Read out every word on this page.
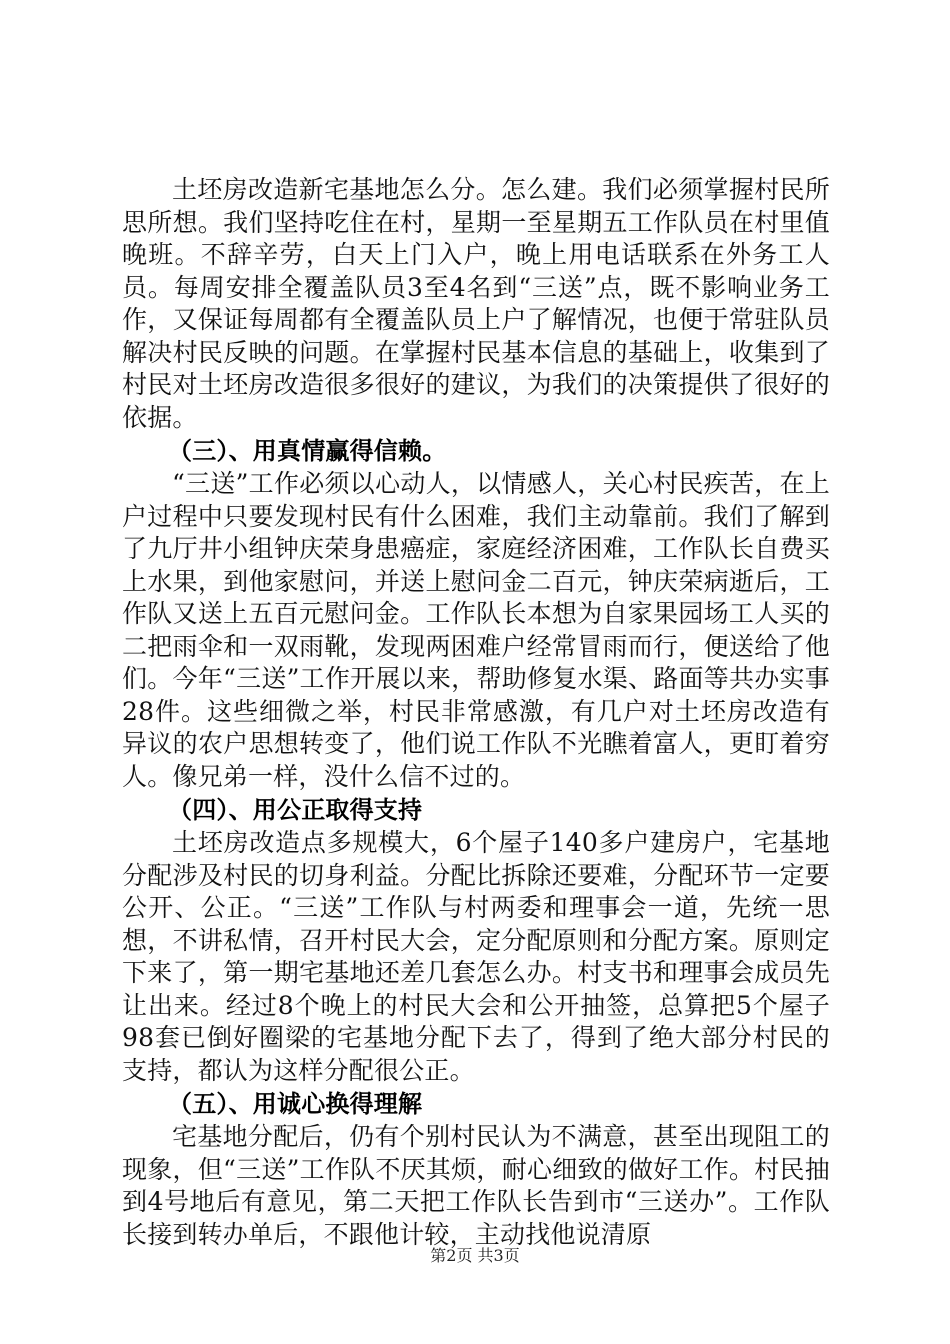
土坯房改造新宅基地怎么分。怎么建。我们必须掌握村民所思所想。我们坚持吃住在村，星期一至星期五工作队员在村里值晚班。不辞辛劳，白天上门入户，晚上用电话联系在外务工人员。每周安排全覆盖队员3至4名到“三送”点，既不影响业务工作，又保证每周都有全覆盖队员上户了解情况，也便于常驻队员解决村民反映的问题。在掌握村民基本信息的基础上，收集到了村民对土坯房改造很多很好的建议，为我们的决策提供了很好的依据。

（三）、用真情赢得信赖。

“三送”工作必须以心动人，以情感人，关心村民疾苦，在上户过程中只要发现村民有什么困难，我们主动靠前。我们了解到了九厅井小组钟庆荣身患癌症，家庭经济困难，工作队长自费买上水果，到他家慰问，并送上慰问金二百元，钟庆荣病逝后，工作队又送上五百元慰问金。工作队长本想为自家果园场工人买的二把雨伞和一双雨靴，发现两困难户经常冒雨而行，便送给了他们。今年“三送”工作开展以来，帮助修复水渠、路面等共办实事28件。这些细微之举，村民非常感激，有几户对土坯房改造有异议的农户思想转变了，他们说工作队不光瞧着富人，更盯着穷人。像兄弟一样，没什么信不过的。

（四）、用公正取得支持

土坯房改造点多规模大，6个屋子140多户建房户，宅基地分配涉及村民的切身利益。分配比拆除还要难，分配环节一定要公开、公正。“三送”工作队与村两委和理事会一道，先统一思想，不讲私情，召开村民大会，定分配原则和分配方案。原则定下来了，第一期宅基地还差几套怎么办。村支书和理事会成员先让出来。经过8个晚上的村民大会和公开抽签，总算把5个屋子98套已倒好圈梁的宅基地分配下去了，得到了绝大部分村民的支持，都认为这样分配很公正。

（五）、用诚心换得理解

宅基地分配后，仍有个别村民认为不满意，甚至出现阻工的现象，但“三送”工作队不厌其烦，耐心细致的做好工作。村民抽到4号地后有意见，第二天把工作队长告到市“三送办”。工作队长接到转办单后，不跟他计较，主动找他说清原

第2页 共3页
